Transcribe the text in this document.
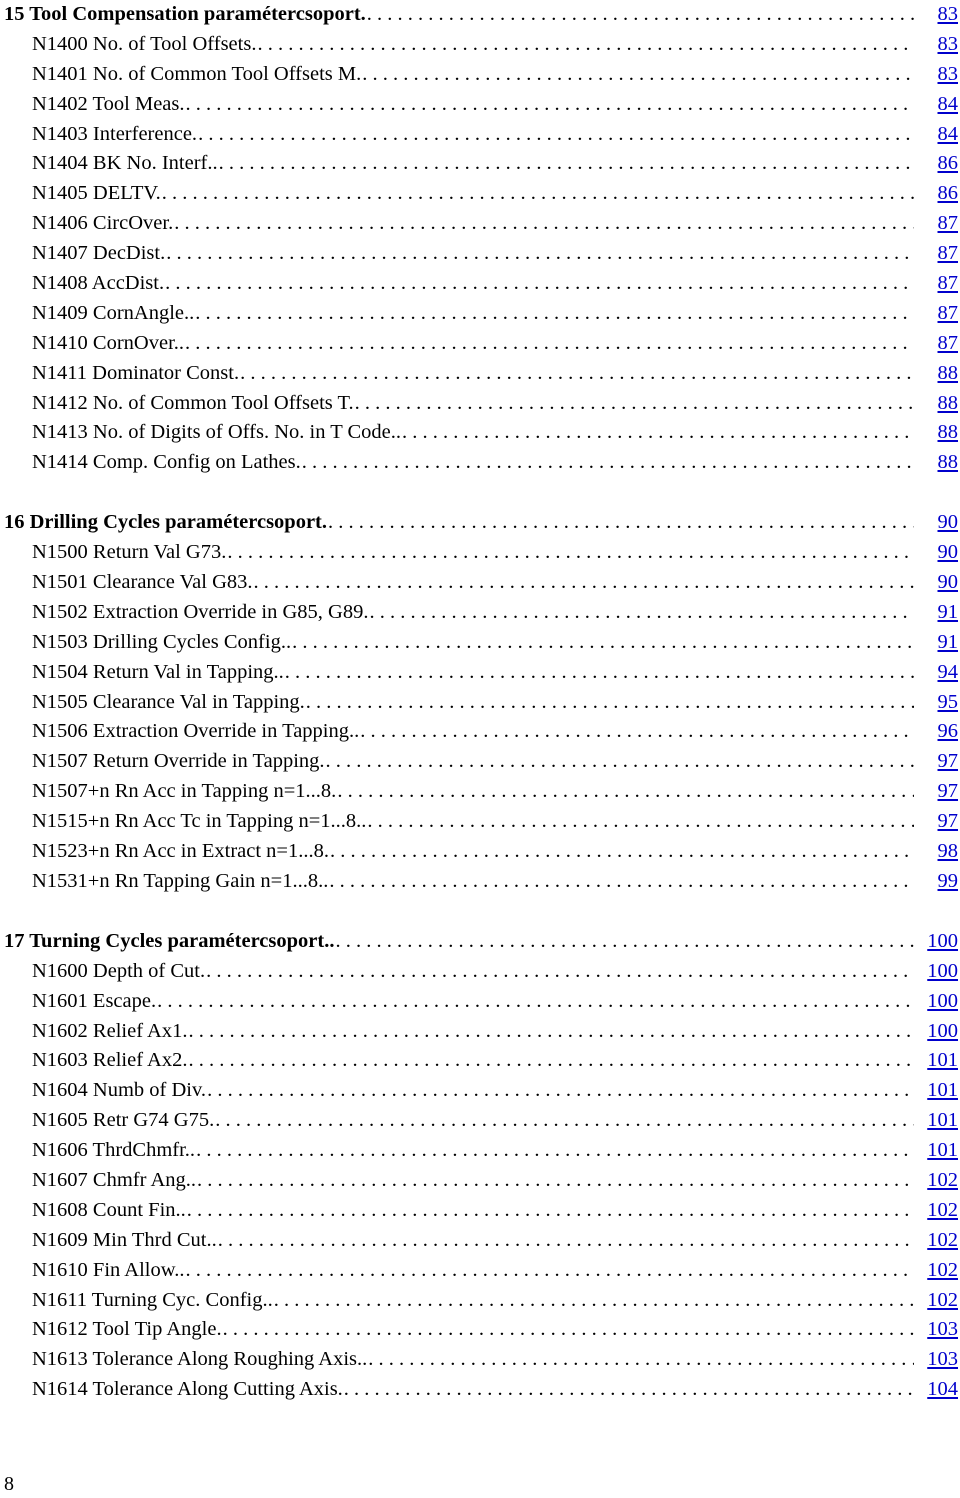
15 Tool Compensation paramétercsoport. . . .	83
N1400 No. of Tool Offsets. . . .	83
N1401 No. of Common Tool Offsets M. . . .	83
N1402 Tool Meas. . . .	84
N1403 Interference. . . .	84
N1404 BK No. Interf.. . . .	86
N1405 DELTV. . . .	86
N1406 CircOver. . . .	87
N1407 DecDist. . . .	87
N1408 AccDist. . . .	87
N1409 CornAngle.. . . .	87
N1410 CornOver.. . . .	87
N1411 Dominator Const. . . .	88
N1412 No. of Common Tool Offsets T. . . .	88
N1413 No. of Digits of Offs. No. in T Code.. . . .	88
N1414 Comp. Config on Lathes. . . .	88
16 Drilling Cycles paramétercsoport. . . .	90
N1500 Return Val G73. . . .	90
N1501 Clearance Val G83. . . .	90
N1502 Extraction Override in G85, G89. . . .	91
N1503 Drilling Cycles Config.. . . .	91
N1504 Return Val in Tapping.. . . .	94
N1505 Clearance Val in Tapping. . . .	95
N1506 Extraction Override in Tapping.. . . .	96
N1507 Return Override in Tapping. . . .	97
N1507+n Rn Acc in Tapping n=1...8. . . .	97
N1515+n Rn Acc Tc in Tapping n=1...8.. . . .	97
N1523+n Rn Acc in Extract n=1...8. . . .	98
N1531+n Rn Tapping Gain n=1...8.. . . .	99
17 Turning Cycles paramétercsoport.. . . .	100
N1600 Depth of Cut. . . .	100
N1601 Escape. . . .	100
N1602 Relief Ax1. . . .	100
N1603 Relief Ax2. . . .	101
N1604 Numb of Div. . . .	101
N1605 Retr G74 G75. . . .	101
N1606 ThrdChmfr.. . . .	101
N1607 Chmfr Ang.. . . .	102
N1608 Count Fin.. . . .	102
N1609 Min Thrd Cut.. . . .	102
N1610 Fin Allow.. . . .	102
N1611 Turning Cyc. Config.. . . .	102
N1612 Tool Tip Angle. . . .	103
N1613 Tolerance Along Roughing Axis.. . . .	103
N1614 Tolerance Along Cutting Axis. . . .	104
8
